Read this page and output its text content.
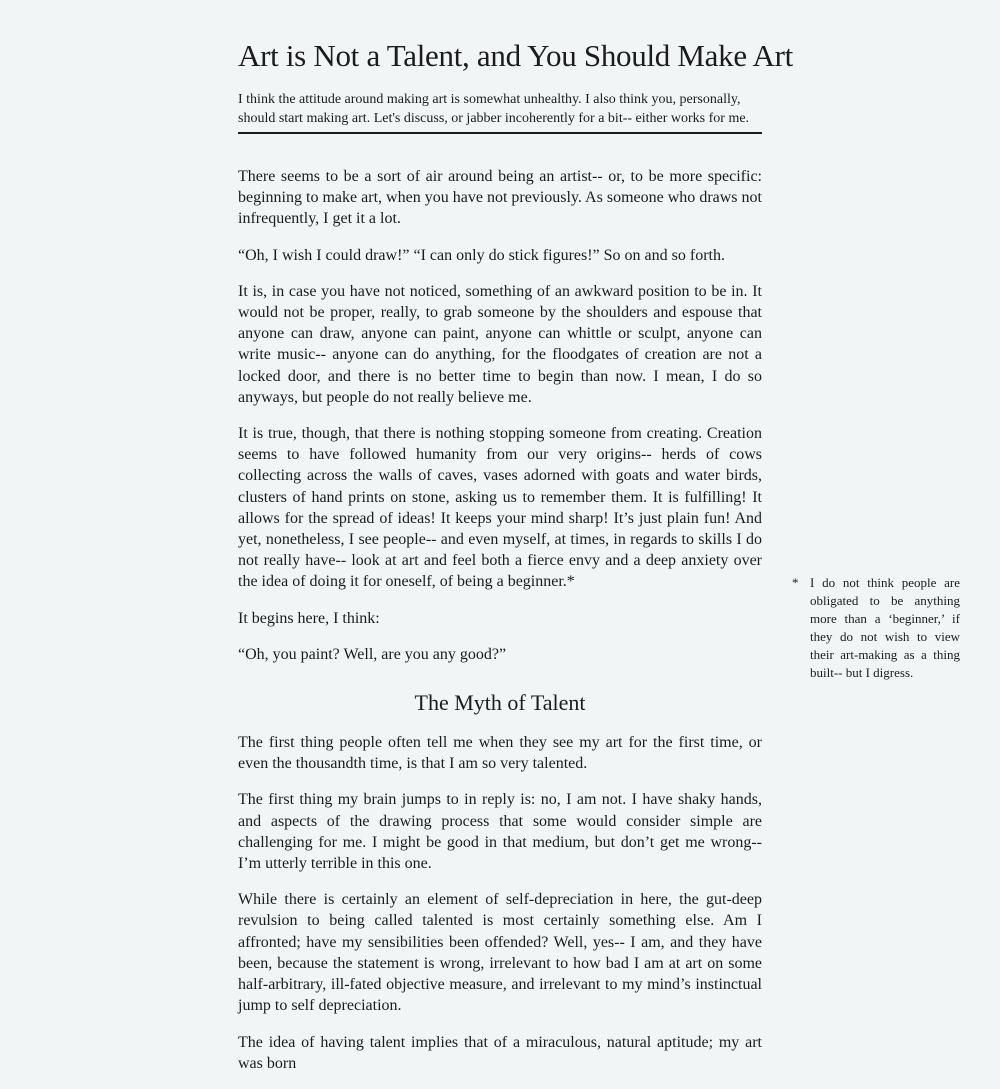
Art is Not a Talent, and You Should Make Art

I think the attitude around making art is somewhat unhealthy. I also think you, personally, should start making art. Let's discuss, or jabber incoherently for a bit-- either works for me.

There seems to be a sort of air around being an artist-- or, to be more specific: beginning to make art, when you have not previously. As someone who draws not infrequently, I get it a lot.

“Oh, I wish I could draw!” “I can only do stick figures!” So on and so forth.

It is, in case you have not noticed, something of an awkward position to be in. It would not be proper, really, to grab someone by the shoulders and espouse that anyone can draw, anyone can paint, anyone can whittle or sculpt, anyone can write music-- anyone can do anything, for the floodgates of creation are not a locked door, and there is no better time to begin than now. I mean, I do so anyways, but people do not really believe me.

It is true, though, that there is nothing stopping someone from creating. Creation seems to have followed humanity from our very origins-- herds of cows collecting across the walls of caves, vases adorned with goats and water birds, clusters of hand prints on stone, asking us to remember them. It is fulfilling! It allows for the spread of ideas! It keeps your mind sharp! It’s just plain fun! And yet, nonetheless, I see people-- and even myself, at times, in regards to skills I do not really have-- look at art and feel both a fierce envy and a deep anxiety over the idea of doing it for oneself, of being a beginner.*

It begins here, I think:

“Oh, you paint? Well, are you any good?”

The Myth of Talent

The first thing people often tell me when they see my art for the first time, or even the thousandth time, is that I am so very talented.

The first thing my brain jumps to in reply is: no, I am not. I have shaky hands, and aspects of the drawing process that some would consider simple are challenging for me. I might be good in that medium, but don’t get me wrong-- I’m utterly terrible in this one.

While there is certainly an element of self-depreciation in here, the gut-deep revulsion to being called talented is most certainly something else. Am I affronted; have my sensibilities been offended? Well, yes-- I am, and they have been, because the statement is wrong, irrelevant to how bad I am at art on some half-arbitrary, ill-fated objective measure, and irrelevant to my mind’s instinctual jump to self depreciation.

The idea of having talent implies that of a miraculous, natural aptitude; my art was born

* I do not think people are obligated to be anything more than a ‘beginner,’ if they do not wish to view their art-making as a thing built-- but I digress.
